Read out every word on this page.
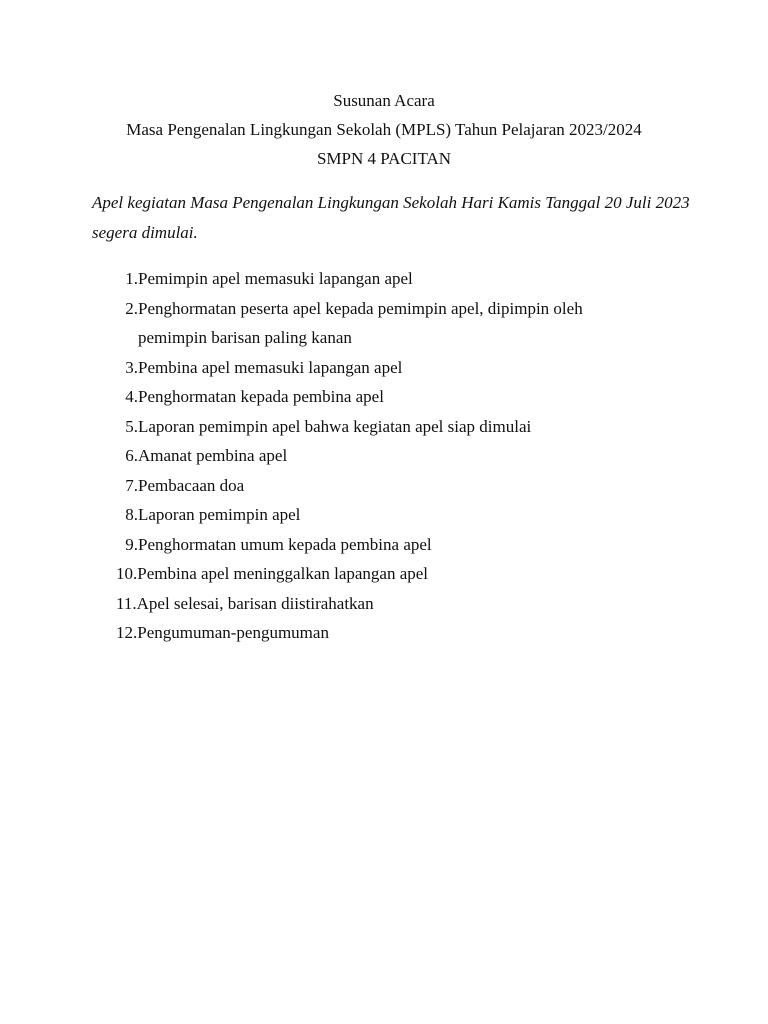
Susunan Acara
Masa Pengenalan Lingkungan Sekolah (MPLS) Tahun Pelajaran 2023/2024
SMPN 4 PACITAN
Apel kegiatan Masa Pengenalan Lingkungan Sekolah Hari Kamis Tanggal 20 Juli 2023 segera dimulai.
1. Pemimpin apel memasuki lapangan apel
2. Penghormatan peserta apel kepada pemimpin apel, dipimpin oleh pemimpin barisan paling kanan
3. Pembina apel memasuki lapangan apel
4. Penghormatan kepada pembina apel
5. Laporan pemimpin apel bahwa kegiatan apel siap dimulai
6. Amanat pembina apel
7. Pembacaan doa
8. Laporan pemimpin apel
9. Penghormatan umum kepada pembina apel
10.Pembina apel meninggalkan lapangan apel
11.Apel selesai, barisan diistirahatkan
12.Pengumuman-pengumuman
